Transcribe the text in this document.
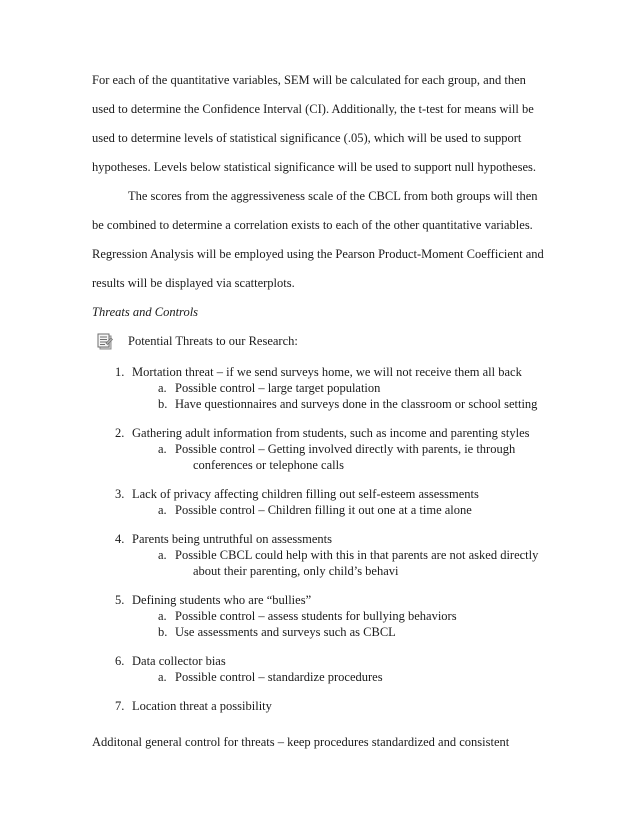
For each of the quantitative variables, SEM will be calculated for each group, and then used to determine the Confidence Interval (CI). Additionally, the t-test for means will be used to determine levels of statistical significance (.05), which will be used to support hypotheses. Levels below statistical significance will be used to support null hypotheses.

The scores from the aggressiveness scale of the CBCL from both groups will then be combined to determine a correlation exists to each of the other quantitative variables. Regression Analysis will be employed using the Pearson Product-Moment Coefficient and results will be displayed via scatterplots.

Threats and Controls

Potential Threats to our Research:
1. Mortation threat – if we send surveys home, we will not receive them all back
a. Possible control – large target population
b. Have questionnaires and surveys done in the classroom or school setting
2. Gathering adult information from students, such as income and parenting styles
a. Possible control – Getting involved directly with parents, ie through conferences or telephone calls
3. Lack of privacy affecting children filling out self-esteem assessments
a. Possible control – Children filling it out one at a time alone
4. Parents being untruthful on assessments
a. Possible CBCL could help with this in that parents are not asked directly about their parenting, only child’s behavi
5. Defining students who are “bullies”
a. Possible control – assess students for bullying behaviors
b. Use assessments and surveys such as CBCL
6. Data collector bias
a. Possible control – standardize procedures
7. Location threat a possibility

Additonal general control for threats – keep procedures standardized and consistent
